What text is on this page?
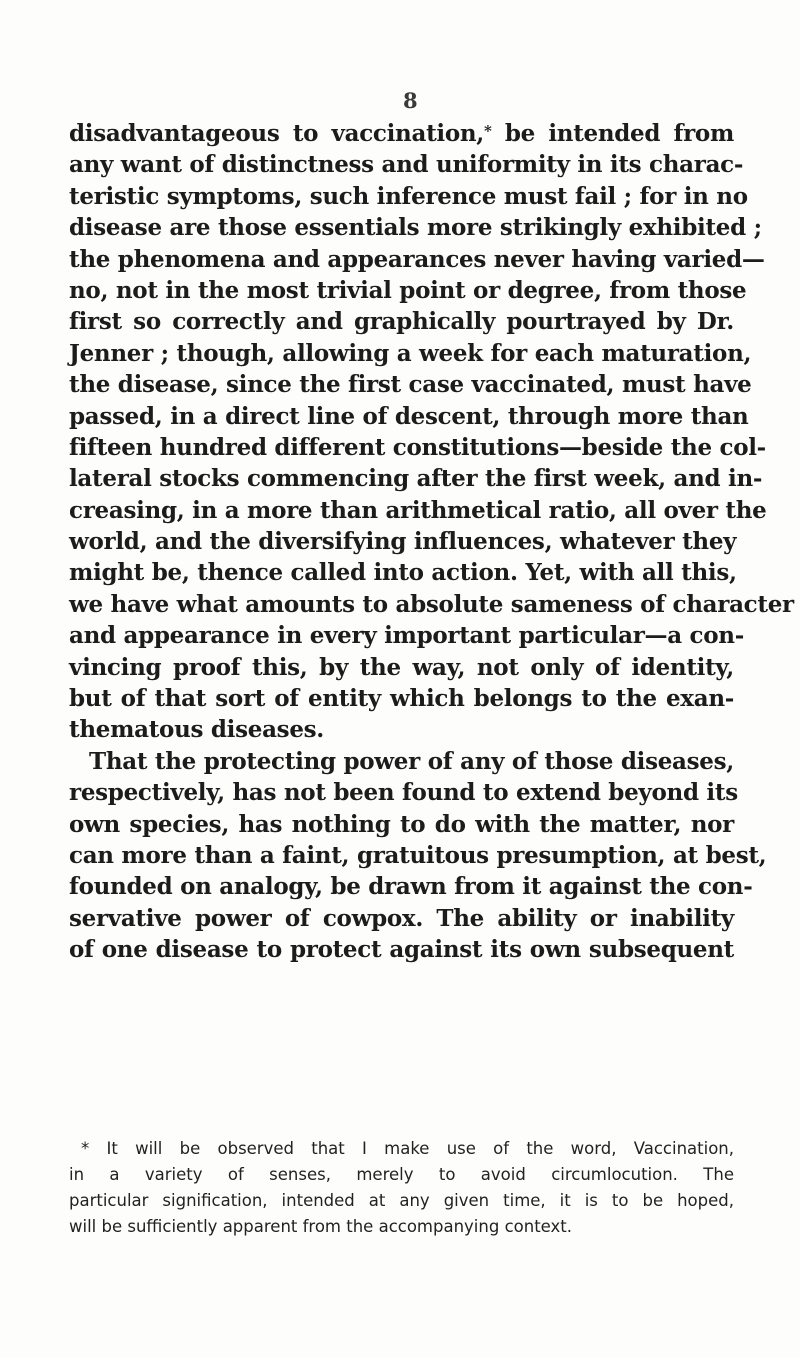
8
disadvantageous to vaccination,* be intended from
any want of distinctness and uniformity in its charac-
teristic symptoms, such inference must fail ; for in no
disease are those essentials more strikingly exhibited ;
the phenomena and appearances never having varied—
no, not in the most trivial point or degree, from those
first so correctly and graphically pourtrayed by Dr.
Jenner ; though, allowing a week for each maturation,
the disease, since the first case vaccinated, must have
passed, in a direct line of descent, through more than
fifteen hundred different constitutions—beside the col-
lateral stocks commencing after the first week, and in-
creasing, in a more than arithmetical ratio, all over the
world, and the diversifying influences, whatever they
might be, thence called into action. Yet, with all this,
we have what amounts to absolute sameness of character
and appearance in every important particular—a con-
vincing proof this, by the way, not only of identity,
but of that sort of entity which belongs to the exan-
thematous diseases.
That the protecting power of any of those diseases,
respectively, has not been found to extend beyond its
own species, has nothing to do with the matter, nor
can more than a faint, gratuitous presumption, at best,
founded on analogy, be drawn from it against the con-
servative power of cowpox. The ability or inability
of one disease to protect against its own subsequent
* It will be observed that I make use of the word, Vaccination,
in a variety of senses, merely to avoid circumlocution. The
particular signification, intended at any given time, it is to be hoped,
will be sufficiently apparent from the accompanying context.
